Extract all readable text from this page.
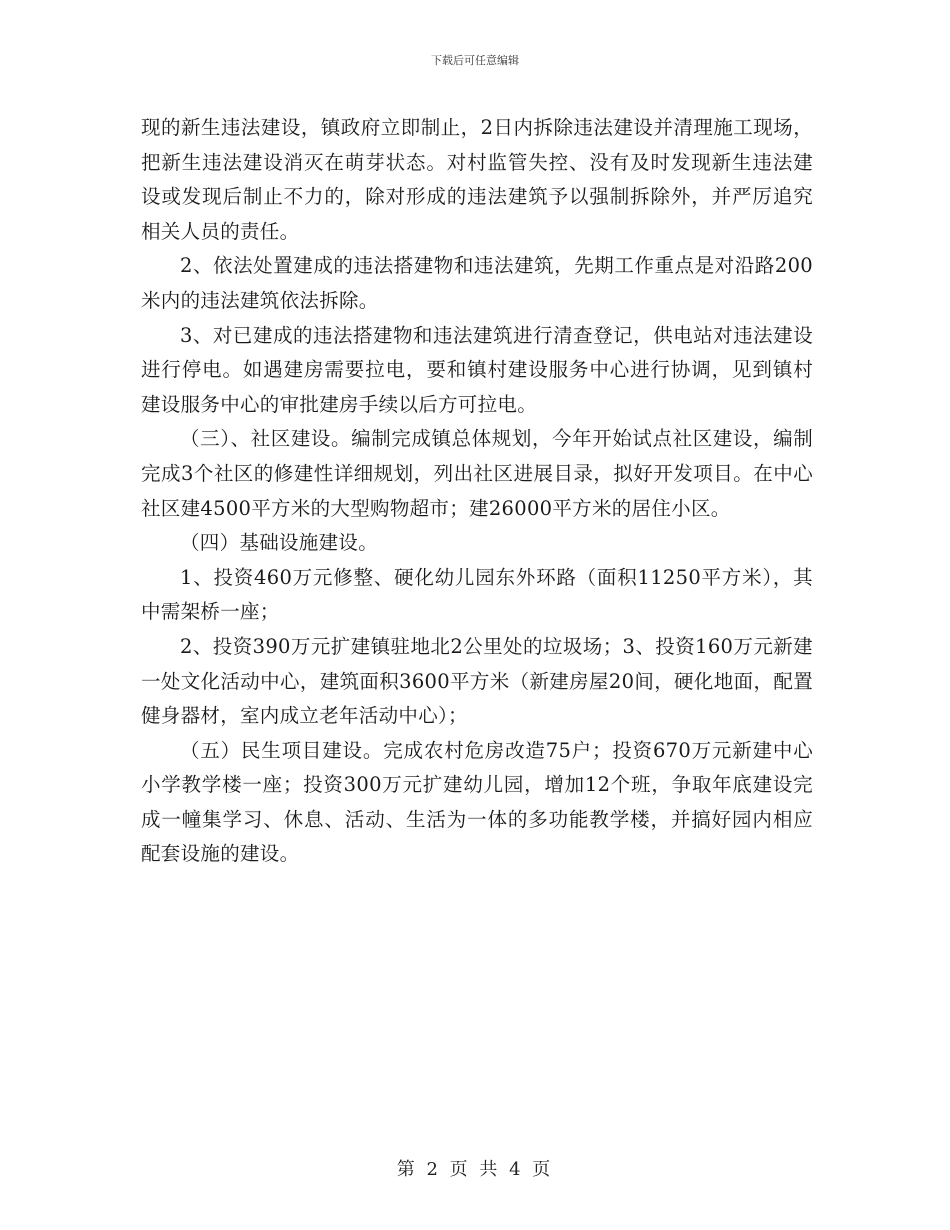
下载后可任意编辑

现的新生违法建设，镇政府立即制止，2日内拆除违法建设并清理施工现场，把新生违法建设消灭在萌芽状态。对村监管失控、没有及时发现新生违法建设或发现后制止不力的，除对形成的违法建筑予以强制拆除外，并严厉追究相关人员的责任。

2、依法处置建成的违法搭建物和违法建筑，先期工作重点是对沿路200米内的违法建筑依法拆除。

3、对已建成的违法搭建物和违法建筑进行清查登记，供电站对违法建设进行停电。如遇建房需要拉电，要和镇村建设服务中心进行协调，见到镇村建设服务中心的审批建房手续以后方可拉电。

（三）、社区建设。编制完成镇总体规划，今年开始试点社区建设，编制完成3个社区的修建性详细规划，列出社区进展目录，拟好开发项目。在中心社区建4500平方米的大型购物超市；建26000平方米的居住小区。

（四）基础设施建设。

1、投资460万元修整、硬化幼儿园东外环路（面积11250平方米），其中需架桥一座；

2、投资390万元扩建镇驻地北2公里处的垃圾场；3、投资160万元新建一处文化活动中心，建筑面积3600平方米（新建房屋20间，硬化地面，配置健身器材，室内成立老年活动中心）；

（五）民生项目建设。完成农村危房改造75户；投资670万元新建中心小学教学楼一座；投资300万元扩建幼儿园，增加12个班，争取年底建设完成一幢集学习、休息、活动、生活为一体的多功能教学楼，并搞好园内相应配套设施的建设。

第 2 页 共 4 页
